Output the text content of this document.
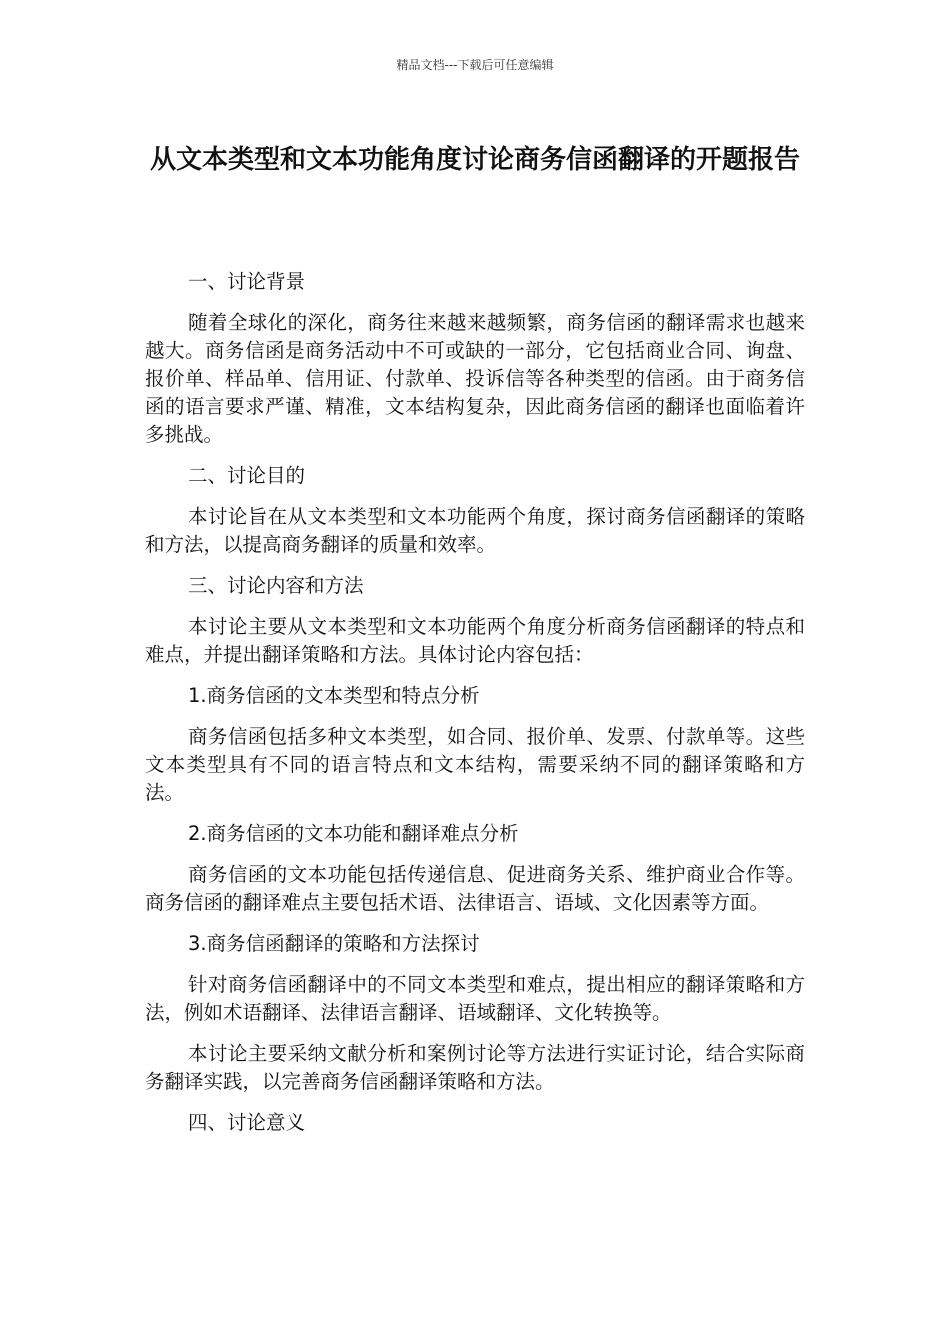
精品文档---下载后可任意编辑
从文本类型和文本功能角度讨论商务信函翻译的开题报告

一、讨论背景

随着全球化的深化，商务往来越来越频繁，商务信函的翻译需求也越来越大。商务信函是商务活动中不可或缺的一部分，它包括商业合同、询盘、报价单、样品单、信用证、付款单、投诉信等各种类型的信函。由于商务信函的语言要求严谨、精准，文本结构复杂，因此商务信函的翻译也面临着许多挑战。

二、讨论目的

本讨论旨在从文本类型和文本功能两个角度，探讨商务信函翻译的策略和方法，以提高商务翻译的质量和效率。

三、讨论内容和方法

本讨论主要从文本类型和文本功能两个角度分析商务信函翻译的特点和难点，并提出翻译策略和方法。具体讨论内容包括：

1.商务信函的文本类型和特点分析

商务信函包括多种文本类型，如合同、报价单、发票、付款单等。这些文本类型具有不同的语言特点和文本结构，需要采纳不同的翻译策略和方法。

2.商务信函的文本功能和翻译难点分析

商务信函的文本功能包括传递信息、促进商务关系、维护商业合作等。商务信函的翻译难点主要包括术语、法律语言、语域、文化因素等方面。

3.商务信函翻译的策略和方法探讨

针对商务信函翻译中的不同文本类型和难点，提出相应的翻译策略和方法，例如术语翻译、法律语言翻译、语域翻译、文化转换等。

本讨论主要采纳文献分析和案例讨论等方法进行实证讨论，结合实际商务翻译实践，以完善商务信函翻译策略和方法。

四、讨论意义
